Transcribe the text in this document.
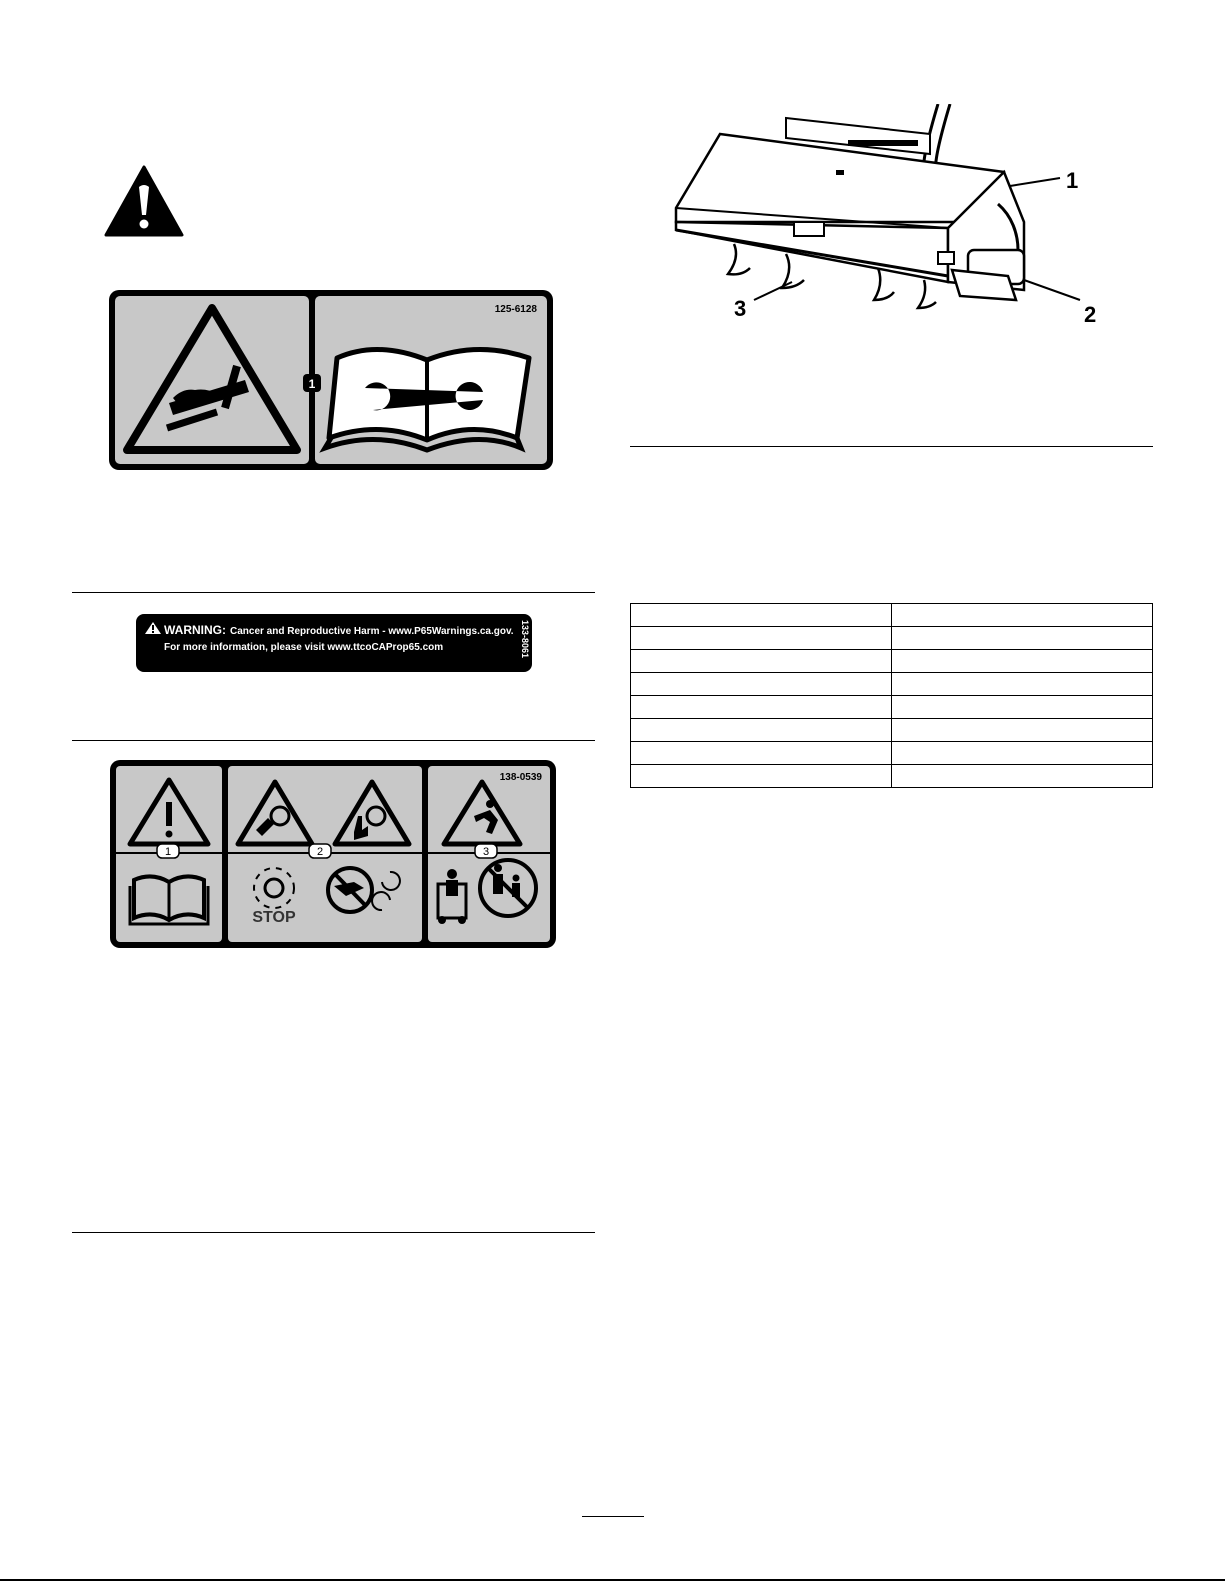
1
125-6128
WARNING: Cancer and Reproductive Harm - www.P65Warnings.ca.gov.
For more information, please visit www.ttcoCAProp65.com	133-8061
138-0539
1
STOP
2	3
1
2
3
